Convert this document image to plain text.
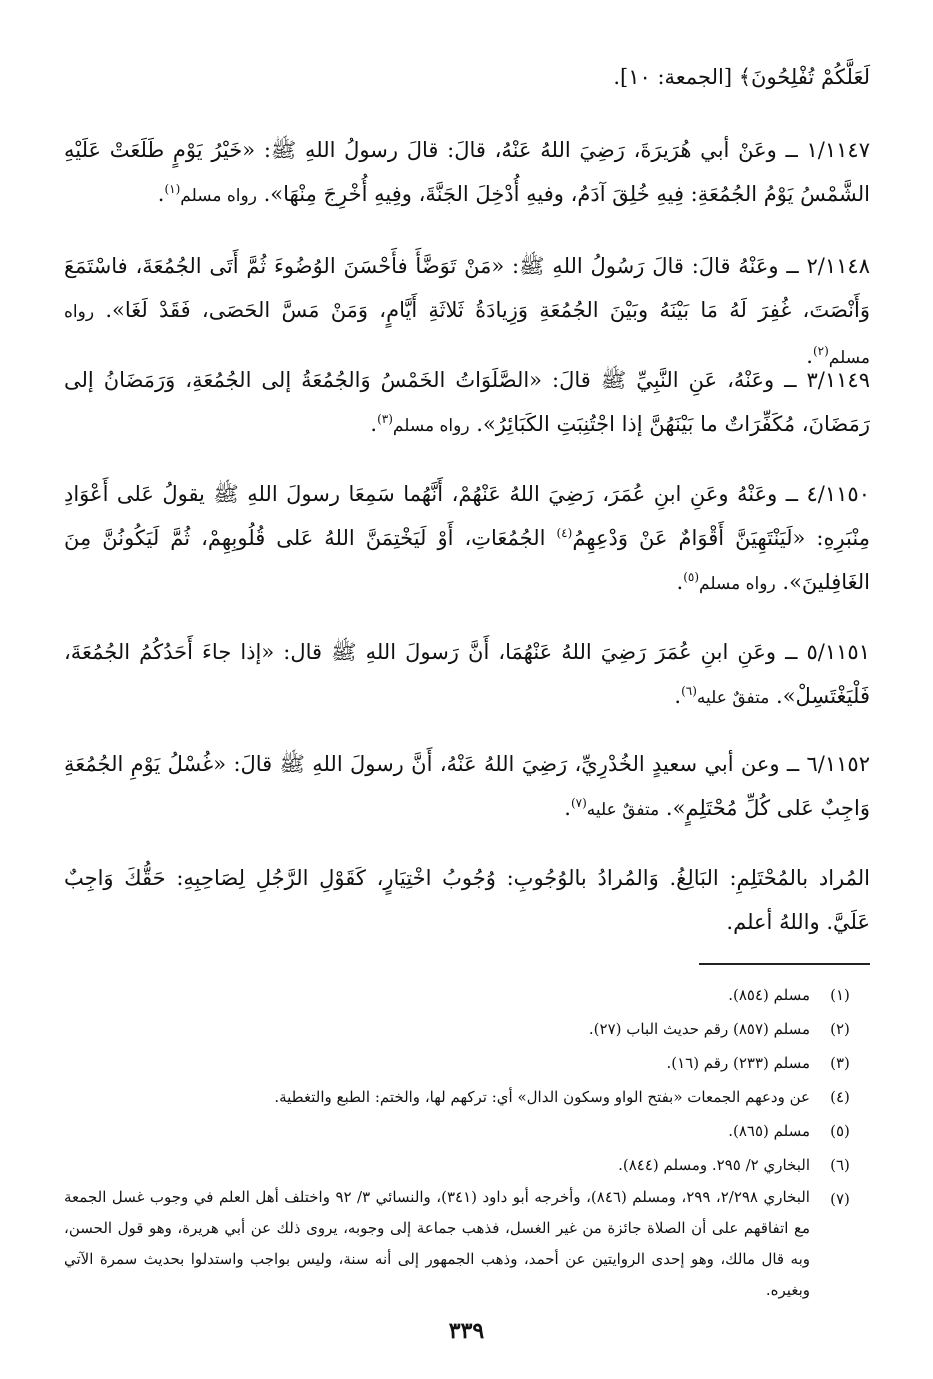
لَعَلَّكُمْ تُفْلِحُونَ﴾ [الجمعة: ١٠].
١/١١٤٧ ــ وعَنْ أبي هُرَيرَةَ، رَضِيَ اللهُ عَنْهُ، قالَ: قالَ رسولُ اللهِ ﷺ: «خَيْرُ يَوْمٍ طَلَعَتْ عَلَيْهِ الشَّمْسُ يَوْمُ الجُمُعَةِ: فِيهِ خُلِقَ آدَمُ، وفيهِ أُدْخِلَ الجَنَّةَ، وفِيهِ أُخْرِجَ مِنْهَا». رواه مسلم$^{(١)}$.
٢/١١٤٨ ــ وعَنْهُ قالَ: قالَ رَسُولُ اللهِ ﷺ: «مَنْ تَوَضَّأَ فأَحْسَنَ الوُضُوءَ ثُمَّ أَتَى الجُمُعَةَ، فاسْتَمَعَ وَأَنْصَتَ، غُفِرَ لَهُ مَا بَيْنَهُ وبَيْنَ الجُمُعَةِ وَزِيادَةُ ثَلاثَةِ أَيَّامٍ، وَمَنْ مَسَّ الحَصَى، فَقَدْ لَغَا». رواه مسلم$^{(٢)}$.
٣/١١٤٩ ــ وعَنْهُ، عَنِ النَّبِيِّ ﷺ قالَ: «الصَّلَوَاتُ الخَمْسُ وَالجُمُعَةُ إلى الجُمُعَةِ، وَرَمَضَانُ إلى رَمَضَانَ، مُكَفِّرَاتٌ ما بَيْنَهُنَّ إذا اجْتُنِبَتِ الكَبَائِرُ». رواه مسلم$^{(٣)}$.
٤/١١٥٠ ــ وعَنْهُ وعَنِ ابنِ عُمَرَ، رَضِيَ اللهُ عَنْهُمْ، أَنَّهُما سَمِعَا رسولَ اللهِ ﷺ يقولُ عَلى أَعْوَادِ مِنْبَرِهِ: «لَيَنْتَهِيَنَّ أَقْوَامٌ عَنْ وَدْعِهِمُ$^{(٤)}$ الجُمُعَاتِ، أَوْ لَيَخْتِمَنَّ اللهُ عَلى قُلُوبِهِمْ، ثُمَّ لَيَكُونُنَّ مِنَ الغَافِلينَ». رواه مسلم$^{(٥)}$.
٥/١١٥١ ــ وعَنِ ابنِ عُمَرَ رَضِيَ اللهُ عَنْهُمَا، أَنَّ رَسولَ اللهِ ﷺ قال: «إذا جاءَ أَحَدُكُمُ الجُمُعَةَ، فَلْيَغْتَسِلْ». متفقٌ عليه$^{(٦)}$.
٦/١١٥٢ ــ وعن أبي سعيدٍ الخُدْرِيِّ، رَضِيَ اللهُ عَنْهُ، أَنَّ رسولَ اللهِ ﷺ قالَ: «غُسْلُ يَوْمِ الجُمُعَةِ وَاجِبٌ عَلى كُلِّ مُحْتَلِمٍ». متفقٌ عليه$^{(٧)}$.
المُراد بالمُحْتَلِمِ: البَالِغُ. وَالمُرادُ بالوُجُوبِ: وُجُوبُ اخْتِيَارٍ، كَقَوْلِ الرَّجُلِ لِصَاحِبِهِ: حَقُّكَ وَاجِبٌ عَلَيَّ. واللهُ أعلم.
(١)
مسلم (٨٥٤).
(٢)
مسلم (٨٥٧) رقم حديث الباب (٢٧).
(٣)
مسلم (٢٣٣) رقم (١٦).
(٤)
عن ودعهم الجمعات «بفتح الواو وسكون الدال» أي: تركهم لها، والختم: الطبع والتغطية.
(٥)
مسلم (٨٦٥).
(٦)
البخاري ٢/ ٢٩٥. ومسلم (٨٤٤).
(٧)
البخاري ٢/٢٩٨، ٢٩٩، ومسلم (٨٤٦)، وأخرجه أبو داود (٣٤١)، والنسائي ٣/ ٩٢ واختلف أهل العلم في وجوب غسل الجمعة مع اتفاقهم على أن الصلاة جائزة من غير الغسل، فذهب جماعة إلى وجوبه، يروى ذلك عن أبي هريرة، وهو قول الحسن، وبه قال مالك، وهو إحدى الروايتين عن أحمد، وذهب الجمهور إلى أنه سنة، وليس بواجب واستدلوا بحديث سمرة الآتي وبغيره.
٣٣٩
